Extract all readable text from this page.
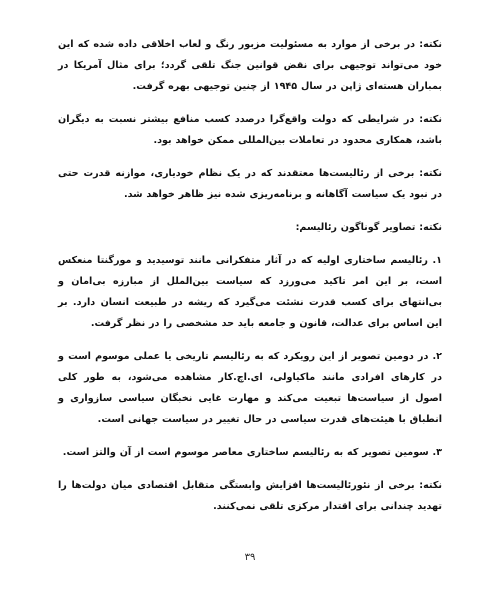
نکته: در برخی از موارد به مسئولیت مزبور رنگ و لعاب اخلاقی داده شده که این خود می‌تواند توجیهی برای نقض قوانین جنگ تلقی گردد؛ برای مثال آمریکا در بمباران هسته‌ای ژاپن در سال ۱۹۴۵ از چنین توجیهی بهره گرفت.

نکته: در شرایطی که دولت واقع‌گرا درصدد کسب منافع بیشتر نسبت به دیگران باشد، همکاری محدود در تعاملات بین‌المللی ممکن خواهد بود.

نکته: برخی از رئالیست‌ها معتقدند که در یک نظام خودیاری، موازنه قدرت حتی در نبود یک سیاست آگاهانه و برنامه‌ریزی شده نیز ظاهر خواهد شد.

نکته: تصاویر گوناگون رئالیسم:

۱. رئالیسم ساختاری اولیه که در آثار متفکرانی مانند توسیدید و مورگنتا منعکس است، بر این امر تاکید می‌ورزد که سیاست بین‌الملل از مبارزه بی‌امان و بی‌انتهای برای کسب قدرت نشئت می‌گیرد که ریشه در طبیعت انسان دارد. بر این اساس برای عدالت، قانون و جامعه باید حد مشخصی را در نظر گرفت.

۲. در دومین تصویر از این رویکرد که به رئالیسم تاریخی یا عملی موسوم است و در کارهای افرادی مانند ماکیاولی، ای.اچ.کار مشاهده می‌شود، به طور کلی اصول از سیاست‌ها تبعیت می‌کند و مهارت غایی نخبگان سیاسی سازواری و انطباق با هیئت‌های قدرت سیاسی در حال تغییر در سیاست جهانی است.

۳. سومین تصویر که به رئالیسم ساختاری معاصر موسوم است از آن والتز است.

نکته: برخی از نئورئالیست‌ها افزایش وابستگی متقابل اقتصادی میان دولت‌ها را تهدید چندانی برای اقتدار مرکزی تلقی نمی‌کنند.

۳۹
